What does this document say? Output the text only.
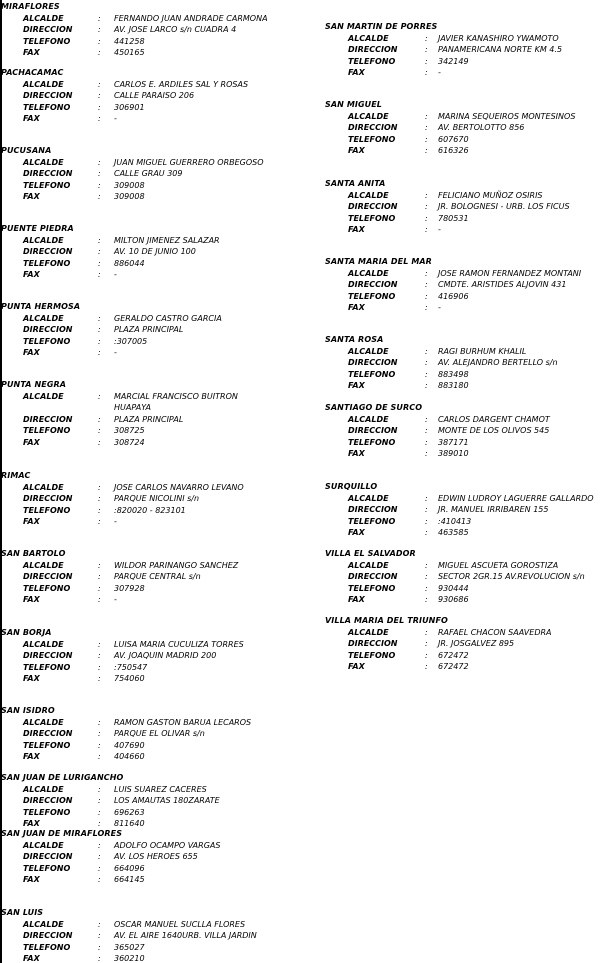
MIRAFLORES
ALCALDE	: FERNANDO JUAN ANDRADE CARMONA
DIRECCION	: AV. JOSE LARCO s/n CUADRA 4
TELEFONO	: 441258
FAX	: 450165
PACHACAMAC
ALCALDE	: CARLOS E. ARDILES SAL Y ROSAS
DIRECCION	: CALLE PARAISO 206
TELEFONO	: 306901
FAX	: -
PUCUSANA
ALCALDE	: JUAN MIGUEL GUERRERO ORBEGOSO
DIRECCION	: CALLE GRAU 309
TELEFONO	: 309008
FAX	: 309008
PUENTE PIEDRA
ALCALDE	: MILTON JIMENEZ SALAZAR
DIRECCION	: AV. 10 DE JUNIO 100
TELEFONO	: 886044
FAX	: -
PUNTA HERMOSA
ALCALDE	: GERALDO CASTRO GARCIA
DIRECCION	: PLAZA PRINCIPAL
TELEFONO	: :307005
FAX	: -
PUNTA NEGRA
ALCALDE	: MARCIAL FRANCISCO BUITRON
HUAPAYA
DIRECCION	: PLAZA PRINCIPAL
TELEFONO	: 308725
FAX	: 308724
RIMAC
ALCALDE	: JOSE CARLOS NAVARRO LEVANO
DIRECCION	: PARQUE NICOLINI s/n
TELEFONO	: :820020 - 823101
FAX	: -
SAN BARTOLO
ALCALDE	: WILDOR PARINANGO SANCHEZ
DIRECCION	: PARQUE CENTRAL s/n
TELEFONO	: 307928
FAX	: -
SAN BORJA
ALCALDE	: LUISA MARIA CUCULIZA TORRES
DIRECCION	: AV. JOAQUIN MADRID 200
TELEFONO	: :750547
FAX	: 754060
SAN ISIDRO
ALCALDE	: RAMON GASTON BARUA LECAROS
DIRECCION	: PARQUE EL OLIVAR s/n
TELEFONO	: 407690
FAX	: 404660
SAN JUAN DE LURIGANCHO
ALCALDE	: LUIS SUAREZ CACERES
DIRECCION	: LOS AMAUTAS 180ZARATE
TELEFONO	: 696263
FAX	: 811640
SAN JUAN DE MIRAFLORES
ALCALDE	: ADOLFO OCAMPO VARGAS
DIRECCION	: AV. LOS HEROES 655
TELEFONO	: 664096
FAX	: 664145
SAN LUIS
ALCALDE	: OSCAR MANUEL SUCLLA FLORES
DIRECCION	: AV. EL AIRE 1640URB. VILLA JARDIN
TELEFONO	: 365027
FAX	: 360210
SAN MARTIN DE PORRES
ALCALDE	: JAVIER KANASHIRO YWAMOTO
DIRECCION	: PANAMERICANA NORTE KM 4.5
TELEFONO	: 342149
FAX	: -
SAN MIGUEL
ALCALDE	: MARINA SEQUEIROS MONTESINOS
DIRECCION	: AV. BERTOLOTTO 856
TELEFONO	: 607670
FAX	: 616326
SANTA ANITA
ALCALDE	: FELICIANO MUÑOZ OSIRIS
DIRECCION	: JR. BOLOGNESI - URB. LOS FICUS
TELEFONO	: 780531
FAX	: -
SANTA MARIA DEL MAR
ALCALDE	: JOSE RAMON FERNANDEZ MONTANI
DIRECCION	: CMDTE. ARISTIDES ALJOVIN 431
TELEFONO	: 416906
FAX	: -
SANTA ROSA
ALCALDE	: RAGI BURHUM KHALIL
DIRECCION	: AV. ALEJANDRO BERTELLO s/n
TELEFONO	: 883498
FAX	: 883180
SANTIAGO DE SURCO
ALCALDE	: CARLOS DARGENT CHAMOT
DIRECCION	: MONTE DE LOS OLIVOS 545
TELEFONO	: 387171
FAX	: 389010
SURQUILLO
ALCALDE	: EDWIN LUDROY LAGUERRE GALLARDO
DIRECCION	: JR. MANUEL IRRIBAREN 155
TELEFONO	: :410413
FAX	: 463585
VILLA EL SALVADOR
ALCALDE	: MIGUEL ASCUETA GOROSTIZA
DIRECCION	: SECTOR 2GR.15 AV.REVOLUCION s/n
TELEFONO	: 930444
FAX	: 930686
VILLA MARIA DEL TRIUNFO
ALCALDE	: RAFAEL CHACON SAAVEDRA
DIRECCION	: JR. JOSGALVEZ 895
TELEFONO	: 672472
FAX	: 672472
